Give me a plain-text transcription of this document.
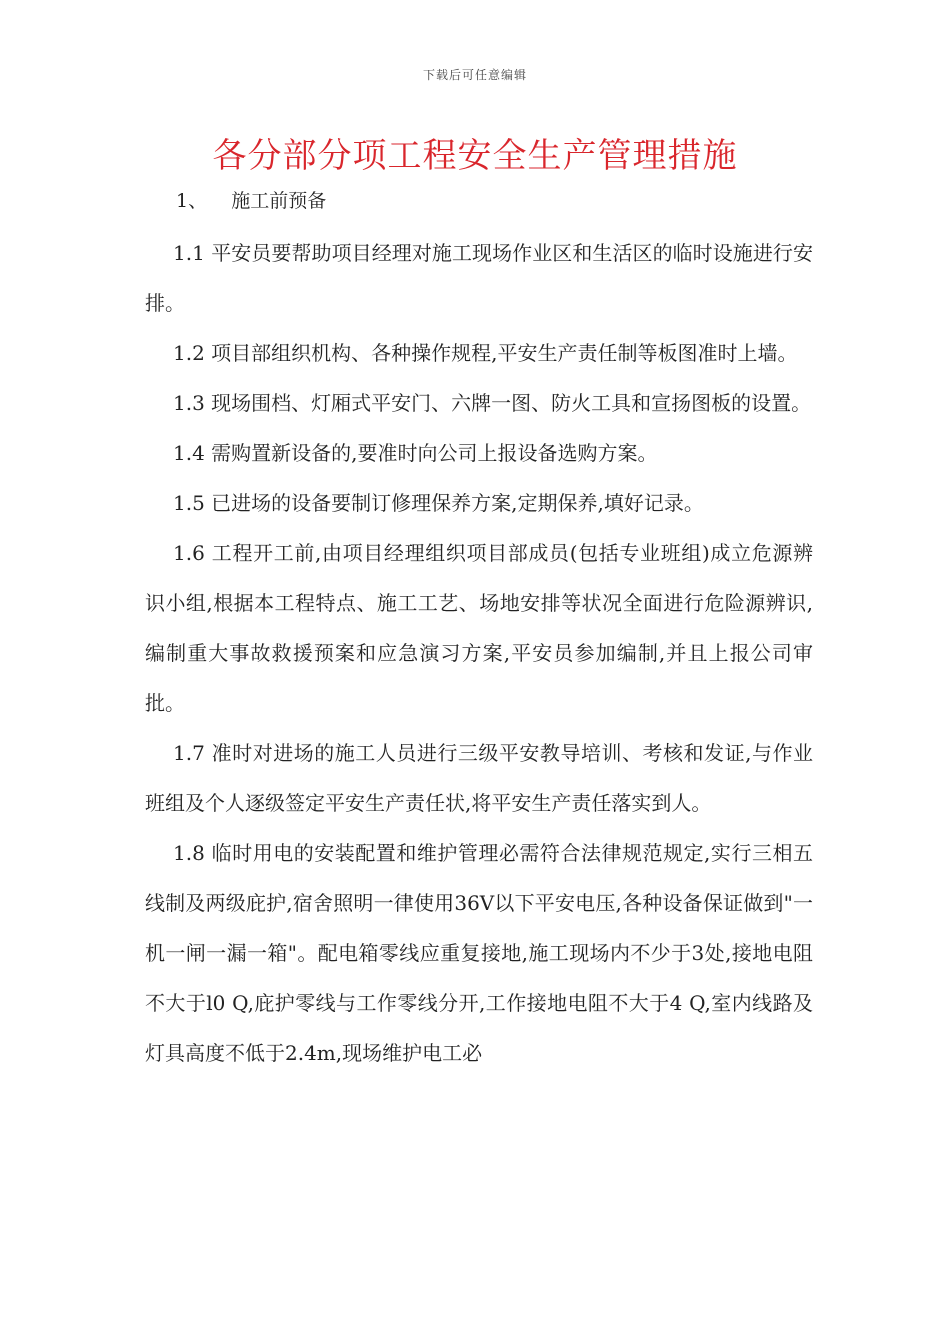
下载后可任意编辑
各分部分项工程安全生产管理措施
1、 施工前预备

1.1 平安员要帮助项目经理对施工现场作业区和生活区的临时设施进行安排。

1.2 项目部组织机构、各种操作规程,平安生产责任制等板图准时上墙。

1.3 现场围档、灯厢式平安门、六牌一图、防火工具和宣扬图板的设置。

1.4 需购置新设备的,要准时向公司上报设备选购方案。

1.5 已进场的设备要制订修理保养方案,定期保养,填好记录。

1.6 工程开工前,由项目经理组织项目部成员(包括专业班组)成立危源辨识小组,根据本工程特点、施工工艺、场地安排等状况全面进行危险源辨识,编制重大事故救援预案和应急演习方案,平安员参加编制,并且上报公司审批。

1.7 准时对进场的施工人员进行三级平安教导培训、考核和发证,与作业班组及个人逐级签定平安生产责任状,将平安生产责任落实到人。

1.8 临时用电的安装配置和维护管理必需符合法律规范规定,实行三相五线制及两级庇护,宿舍照明一律使用36V以下平安电压,各种设备保证做到"一机一闸一漏一箱"。配电箱零线应重复接地,施工现场内不少于3处,接地电阻不大于l0 Q,庇护零线与工作零线分开,工作接地电阻不大于4 Q,室内线路及灯具高度不低于2.4m,现场维护电工必
